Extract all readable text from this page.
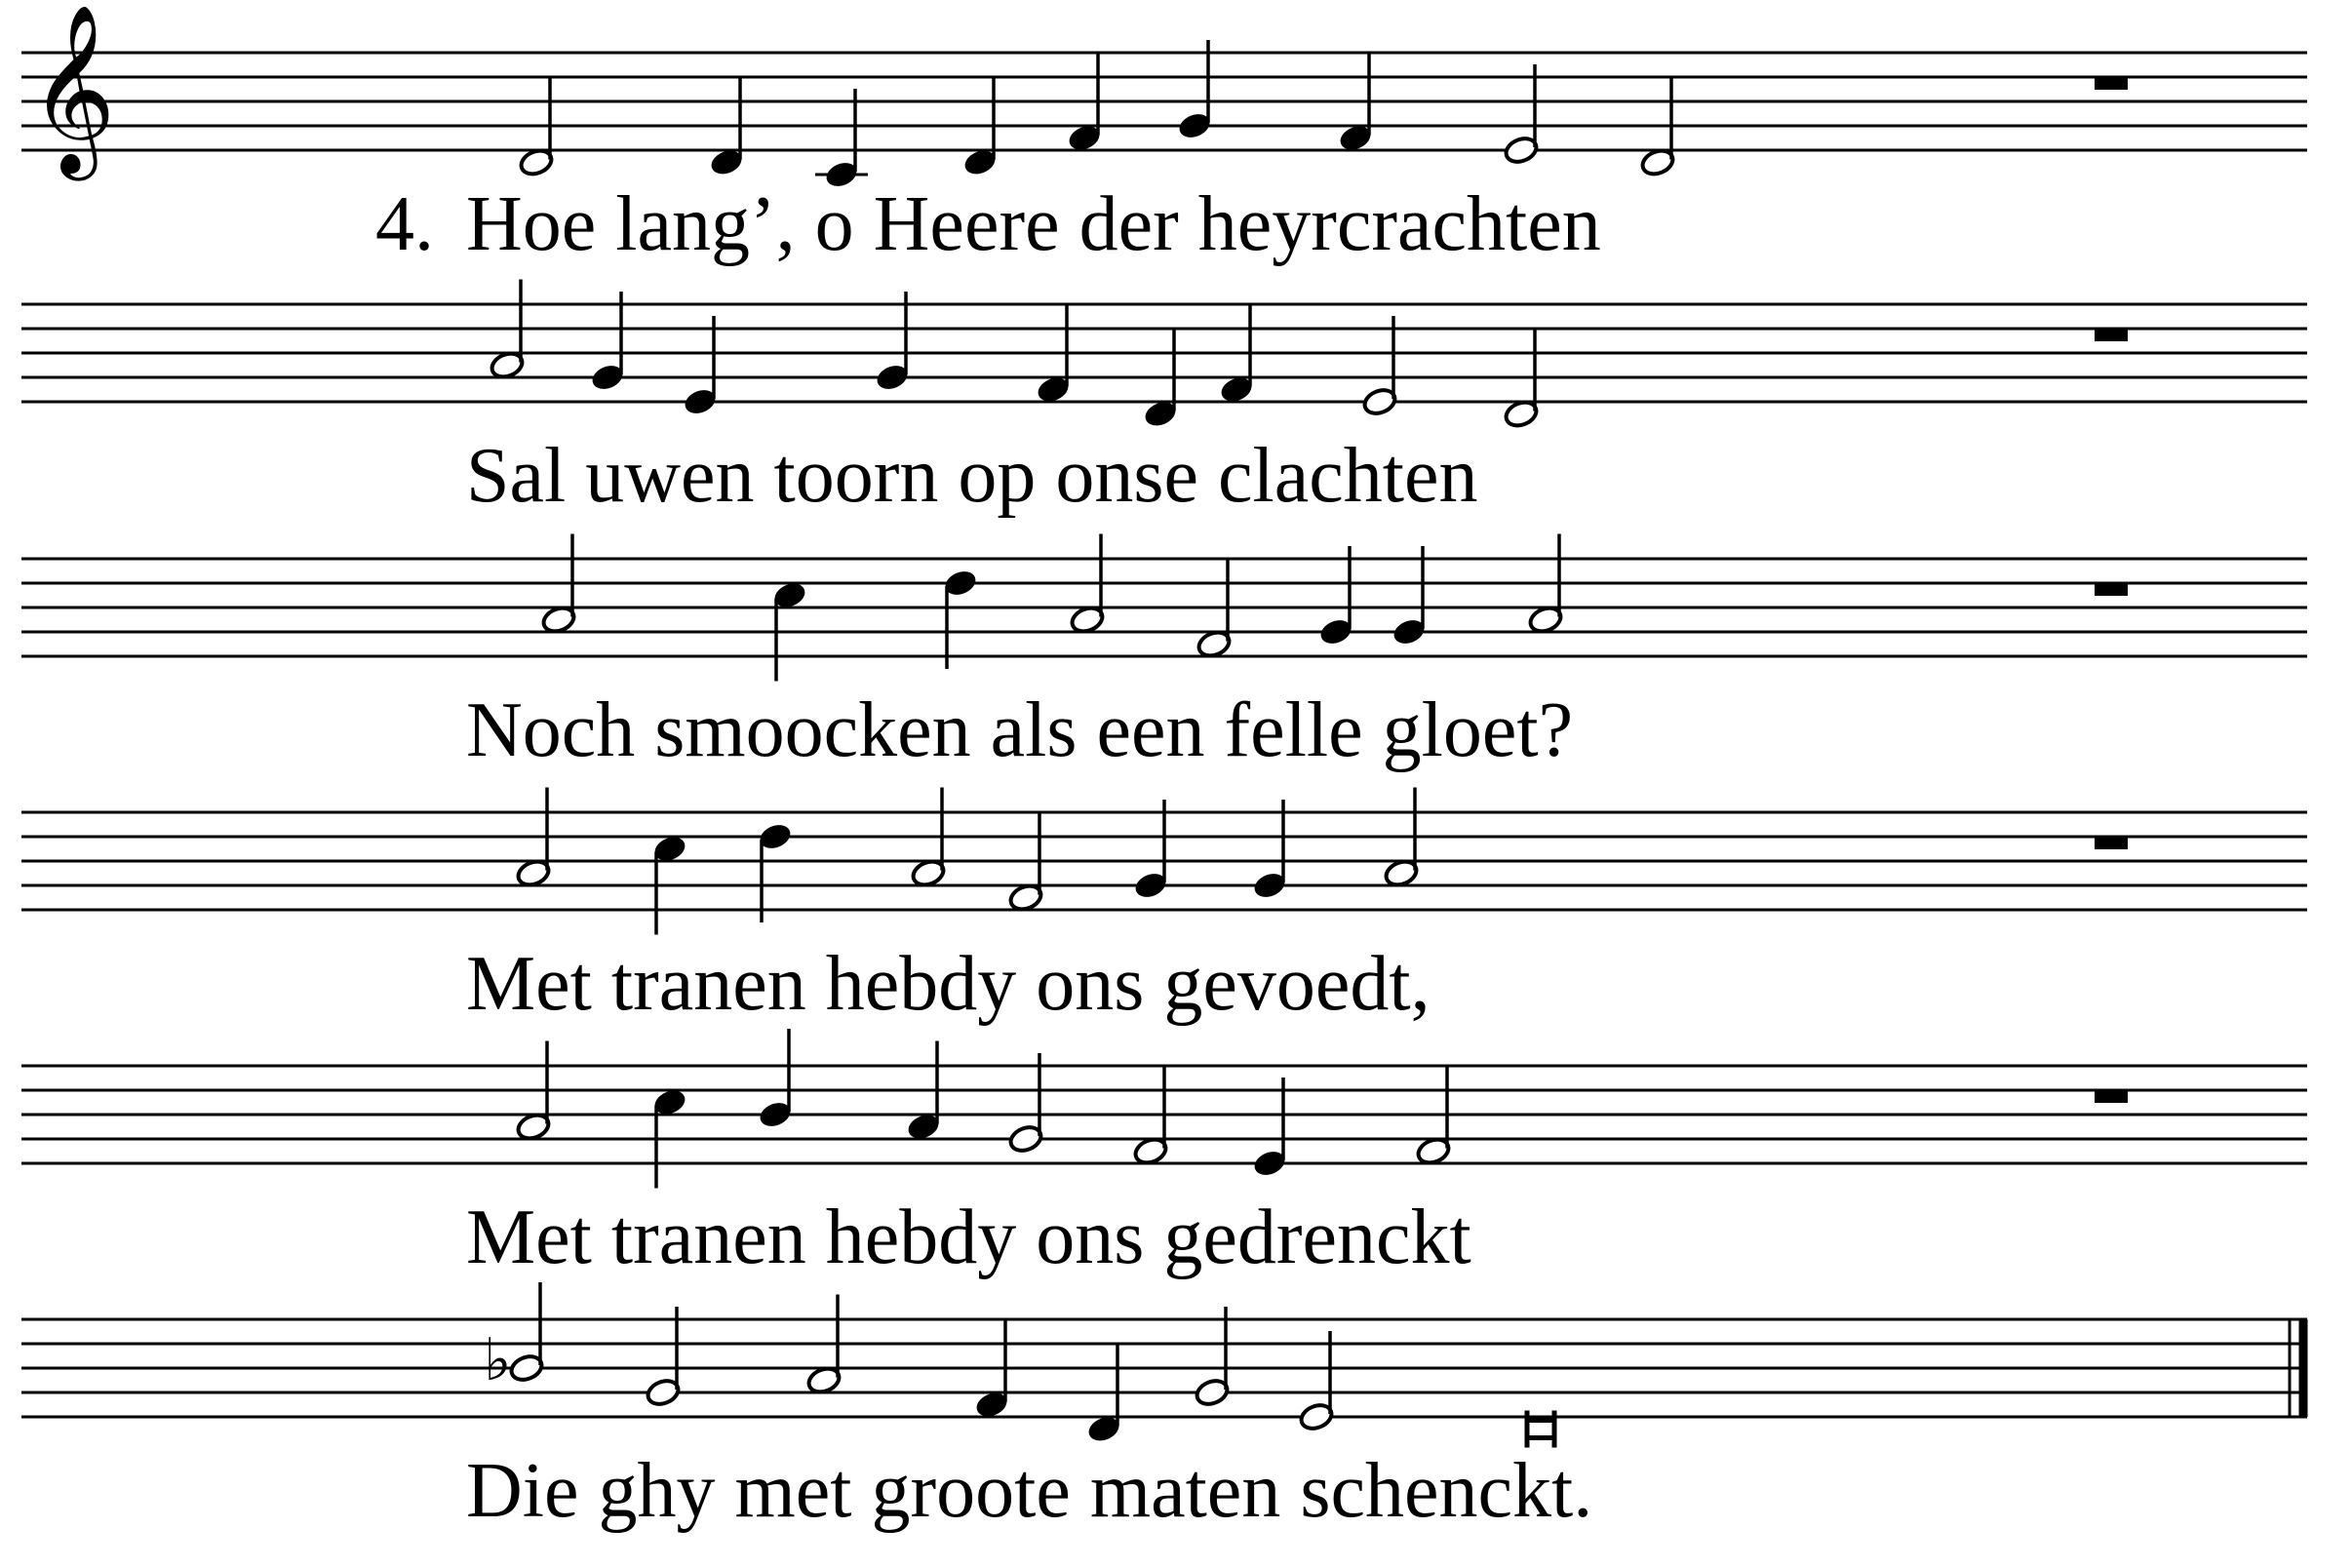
𝄞
4. Hoe lang’, o Heere der heyrcrachten
Sal uwen toorn op onse clachten
Noch smoocken als een felle gloet?
Met tranen hebdy ons gevoedt,
Met tranen hebdy ons gedrenckt
♭
Die ghy met groote maten schenckt.
